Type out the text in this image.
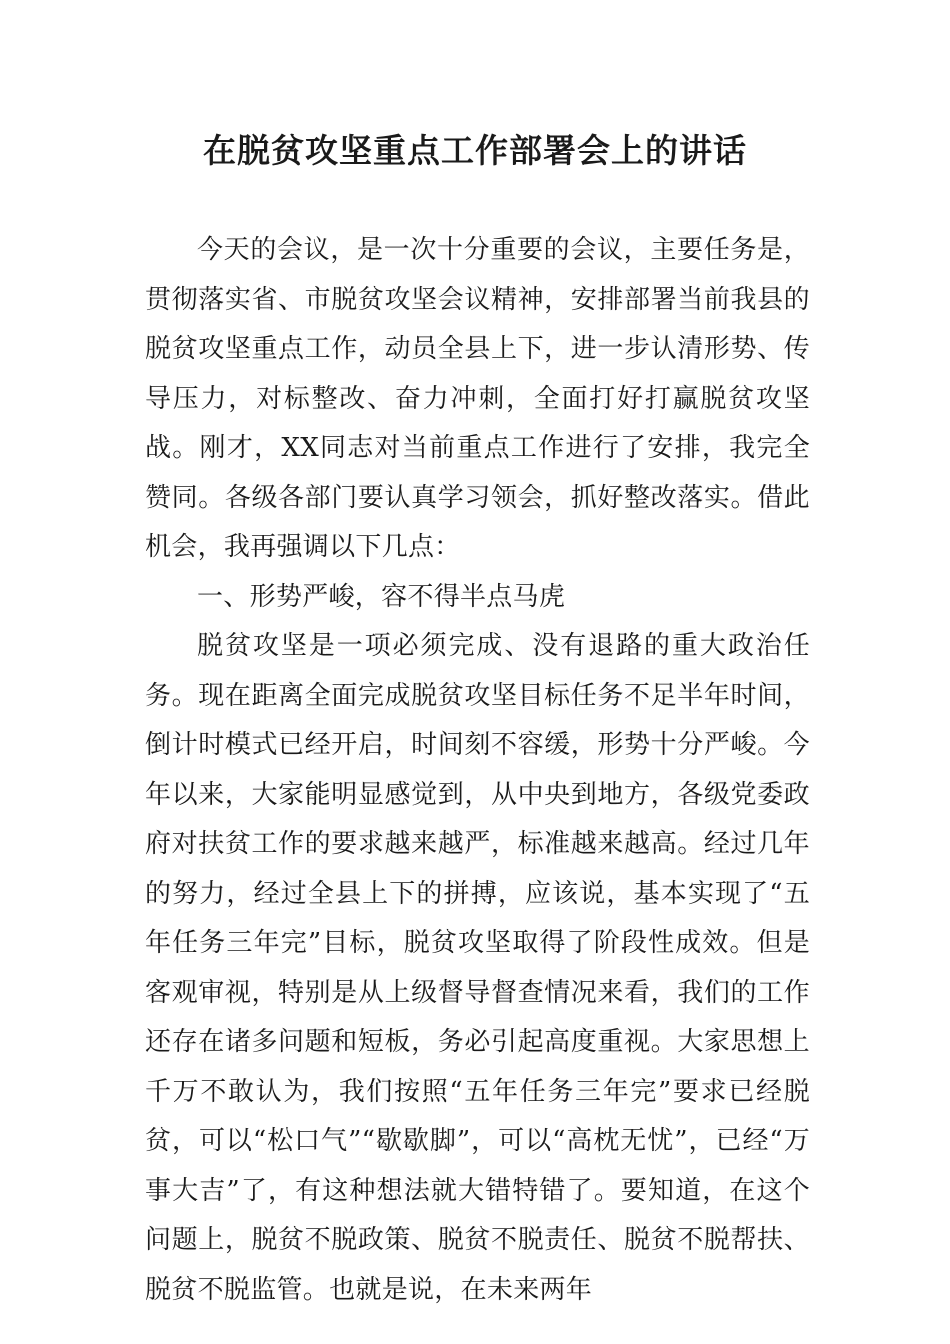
在脱贫攻坚重点工作部署会上的讲话

今天的会议，是一次十分重要的会议，主要任务是，贯彻落实省、市脱贫攻坚会议精神，安排部署当前我县的脱贫攻坚重点工作，动员全县上下，进一步认清形势、传导压力，对标整改、奋力冲刺，全面打好打赢脱贫攻坚战。刚才，XX同志对当前重点工作进行了安排，我完全赞同。各级各部门要认真学习领会，抓好整改落实。借此机会，我再强调以下几点：

一、形势严峻，容不得半点马虎

脱贫攻坚是一项必须完成、没有退路的重大政治任务。现在距离全面完成脱贫攻坚目标任务不足半年时间，倒计时模式已经开启，时间刻不容缓，形势十分严峻。今年以来，大家能明显感觉到，从中央到地方，各级党委政府对扶贫工作的要求越来越严，标准越来越高。经过几年的努力，经过全县上下的拼搏，应该说，基本实现了“五年任务三年完”目标，脱贫攻坚取得了阶段性成效。但是客观审视，特别是从上级督导督查情况来看，我们的工作还存在诸多问题和短板，务必引起高度重视。大家思想上千万不敢认为，我们按照“五年任务三年完”要求已经脱贫，可以“松口气”“歇歇脚”，可以“高枕无忧”，已经“万事大吉”了，有这种想法就大错特错了。要知道，在这个问题上，脱贫不脱政策、脱贫不脱责任、脱贫不脱帮扶、脱贫不脱监管。也就是说，在未来两年
